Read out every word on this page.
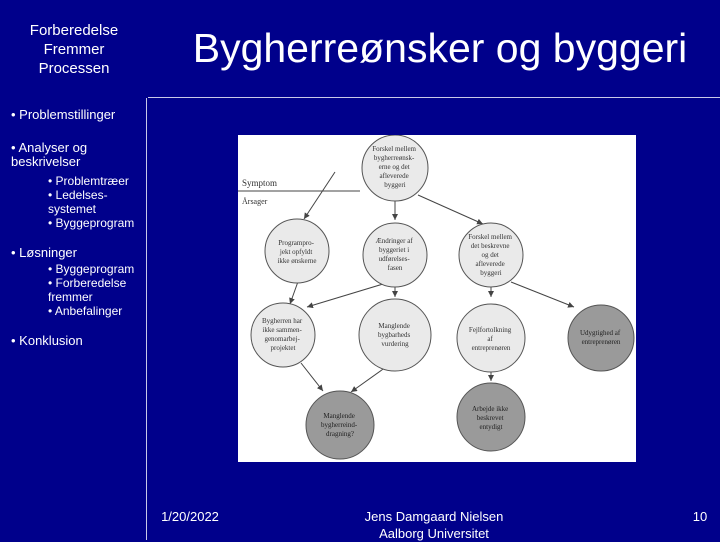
Forberedelse
Fremmer
Processen	Bygherreønsker og byggeri
• Problemstillinger
• Analyser og beskrivelser
• Problemtræer
• Ledelses-systemet
• Byggeprogram
• Løsninger
• Byggeprogram
• Forberedelse fremmer
• Anbefalinger
• Konklusion
Symptom
Årsager
Forskel mellem bygherreønsk- erne og det afleverede byggeri
Programpro- jekt opfyldt ikke ønskerne
Ændringer af byggeriet i udførelses- fasen
Forskel mellem det beskrevne og det afleverede byggeri
Bygherren har ikke sammen- genomarbej- projektet
Manglende bygbarheds vurdering
Fejlfortolkning af entreprenøren
Udygtighed af entreprenøren
Manglende bygherreind- dragning?
Arbejde ikke beskrevet entydigt
1/20/2022	Jens Damgaard Nielsen
Aalborg Universitet
10
